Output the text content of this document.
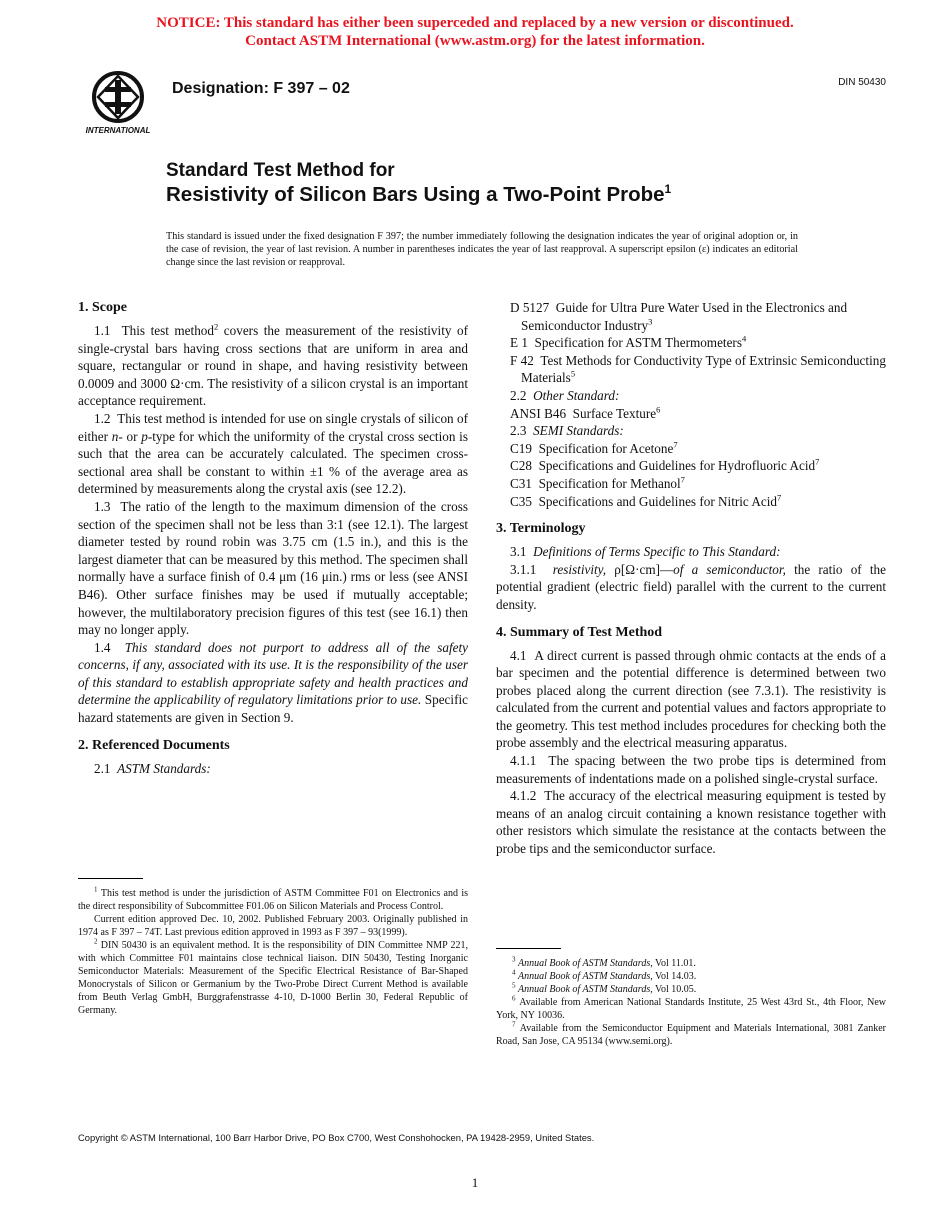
NOTICE: This standard has either been superceded and replaced by a new version or discontinued.
Contact ASTM International (www.astm.org) for the latest information.
INTERNATIONAL
Designation: F 397 – 02	DIN 50430
Standard Test Method for
Resistivity of Silicon Bars Using a Two-Point Probe$^1$
This standard is issued under the fixed designation F 397; the number immediately following the designation indicates the year of original adoption or, in the case of revision, the year of last revision. A number in parentheses indicates the year of last reapproval. A superscript epsilon (ε) indicates an editorial change since the last revision or reapproval.
1. Scope

1.1 This test method$^2$ covers the measurement of the resistivity of single-crystal bars having cross sections that are uniform in area and square, rectangular or round in shape, and having resistivity between 0.0009 and 3000 Ω·cm. The resistivity of a silicon crystal is an important acceptance requirement.

1.2 This test method is intended for use on single crystals of silicon of either n- or p-type for which the uniformity of the crystal cross section is such that the area can be accurately calculated. The specimen cross-sectional area shall be constant to within ±1 % of the average area as determined by measurements along the crystal axis (see 12.2).

1.3 The ratio of the length to the maximum dimension of the cross section of the specimen shall not be less than 3:1 (see 12.1). The largest diameter tested by round robin was 3.75 cm (1.5 in.), and this is the largest diameter that can be measured by this method. The specimen shall normally have a surface finish of 0.4 μm (16 μin.) rms or less (see ANSI B46). Other surface finishes may be used if mutually acceptable; however, the multilaboratory precision figures of this test (see 16.1) then may no longer apply.

1.4 This standard does not purport to address all of the safety concerns, if any, associated with its use. It is the responsibility of the user of this standard to establish appropriate safety and health practices and determine the applicability of regulatory limitations prior to use. Specific hazard statements are given in Section 9.

2. Referenced Documents

2.1 ASTM Standards:

$^1$ This test method is under the jurisdiction of ASTM Committee F01 on Electronics and is the direct responsibility of Subcommittee F01.06 on Silicon Materials and Process Control.

Current edition approved Dec. 10, 2002. Published February 2003. Originally published in 1974 as F 397 – 74T. Last previous edition approved in 1993 as F 397 – 93(1999).

$^2$ DIN 50430 is an equivalent method. It is the responsibility of DIN Committee NMP 221, with which Committee F01 maintains close technical liaison. DIN 50430, Testing Inorganic Semiconductor Materials: Measurement of the Specific Electrical Resistance of Bar-Shaped Monocrystals of Silicon or Germanium by the Two-Probe Direct Current Method is available from Beuth Verlag GmbH, Burggrafenstrasse 4-10, D-1000 Berlin 30, Federal Republic of Germany.

D 5127 Guide for Ultra Pure Water Used in the Electronics and Semiconductor Industry$^3$

E 1 Specification for ASTM Thermometers$^4$

F 42 Test Methods for Conductivity Type of Extrinsic Semiconducting Materials$^5$

2.2 Other Standard:

ANSI B46 Surface Texture$^6$

2.3 SEMI Standards:

C19 Specification for Acetone$^7$

C28 Specifications and Guidelines for Hydrofluoric Acid$^7$

C31 Specification for Methanol$^7$

C35 Specifications and Guidelines for Nitric Acid$^7$

3. Terminology

3.1 Definitions of Terms Specific to This Standard:

3.1.1 resistivity, ρ[Ω·cm]—of a semiconductor, the ratio of the potential gradient (electric field) parallel with the current to the current density.

4. Summary of Test Method

4.1 A direct current is passed through ohmic contacts at the ends of a bar specimen and the potential difference is determined between two probes placed along the current direction (see 7.3.1). The resistivity is calculated from the current and potential values and factors appropriate to the geometry. This test method includes procedures for checking both the probe assembly and the electrical measuring apparatus.

4.1.1 The spacing between the two probe tips is determined from measurements of indentations made on a polished single-crystal surface.

4.1.2 The accuracy of the electrical measuring equipment is tested by means of an analog circuit containing a known resistance together with other resistors which simulate the resistance at the contacts between the probe tips and the semiconductor surface.

$^3$ Annual Book of ASTM Standards, Vol 11.01.

$^4$ Annual Book of ASTM Standards, Vol 14.03.

$^5$ Annual Book of ASTM Standards, Vol 10.05.

$^6$ Available from American National Standards Institute, 25 West 43rd St., 4th Floor, New York, NY 10036.

$^7$ Available from the Semiconductor Equipment and Materials International, 3081 Zanker Road, San Jose, CA 95134 (www.semi.org).

Copyright © ASTM International, 100 Barr Harbor Drive, PO Box C700, West Conshohocken, PA 19428-2959, United States.
1
